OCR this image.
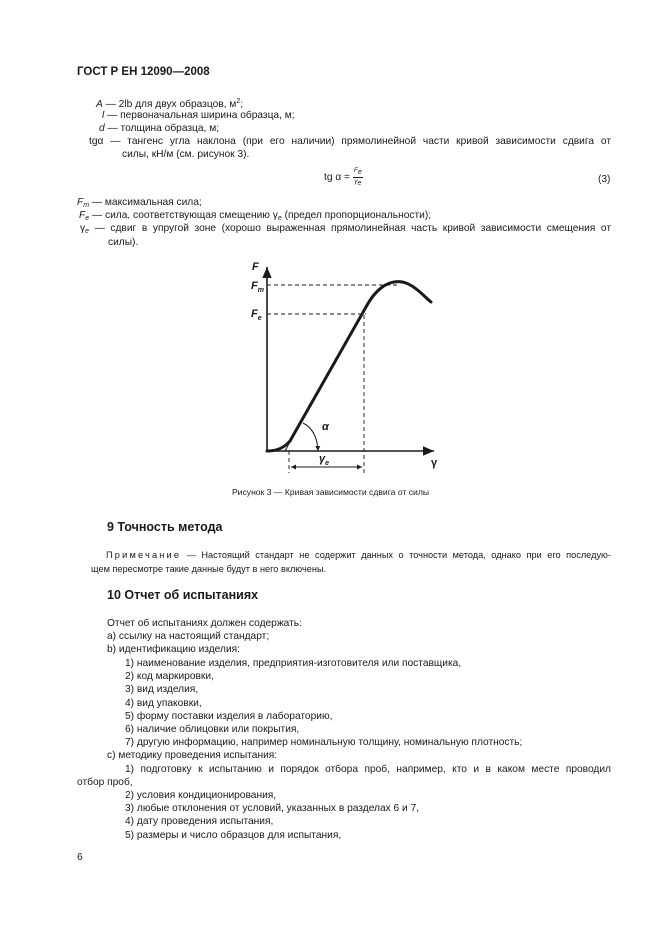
ГОСТ Р ЕН 12090—2008
A — 2lb для двух образцов, $м^2$;
l — первоначальная ширина образца, м;
d — толщина образца, м;
tgα — тангенс угла наклона (при его наличии) прямолинейной части кривой зависимости сдвига от
силы, кН/м (см. рисунок 3).
tg $\alpha = \frac{Fe}{\gamma e}$	(3)
$F_m$ — максимальная сила;
$F_e$ — сила, соответствующая смещению $\gamma_e$ (предел пропорциональности);
$\gamma_e$ — сдвиг в упругой зоне (хорошо выраженная прямолинейная часть кривой зависимости смещения от
силы).
F
$F_m$
$F_e$
α
γ
$\gamma_e$
Рисунок 3 — Кривая зависимости сдвига от силы
9 Точность метода
Примечание — Настоящий стандарт не содержит данных о точности метода, однако при его последую-
щем пересмотре такие данные будут в него включены.
10 Отчет об испытаниях
Отчет об испытаниях должен содержать:
a) ссылку на настоящий стандарт;
b) идентификацию изделия:
1) наименование изделия, предприятия-изготовителя или поставщика,
2) код маркировки,
3) вид изделия,
4) вид упаковки,
5) форму поставки изделия в лабораторию,
6) наличие облицовки или покрытия,
7) другую информацию, например номинальную толщину, номинальную плотность;
c) методику проведения испытания:
1) подготовку к испытанию и порядок отбора проб, например, кто и в каком месте проводил
отбор проб,
2) условия кондиционирования,
3) любые отклонения от условий, указанных в разделах 6 и 7,
4) дату проведения испытания,
5) размеры и число образцов для испытания,
6
